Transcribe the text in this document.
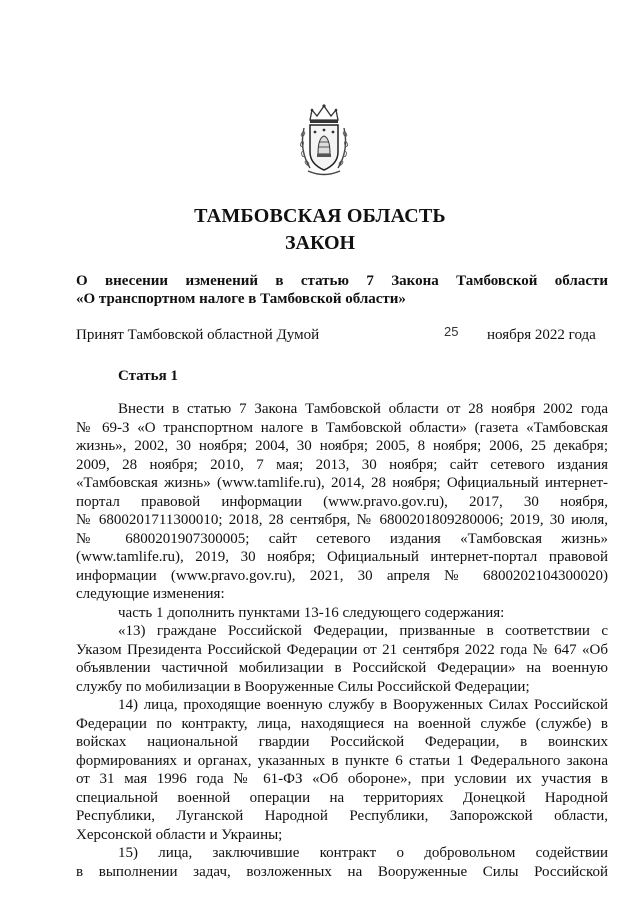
ТАМБОВСКАЯ ОБЛАСТЬ
ЗАКОН
О внесении изменений в статью 7 Закона Тамбовской области
«О транспортном налоге в Тамбовской области»
Принят Тамбовской областной Думой	25 ноября 2022 года
Статья 1
Внести в статью 7 Закона Тамбовской области от 28 ноября 2002 года
№ 69-З «О транспортном налоге в Тамбовской области» (газета «Тамбовская
жизнь», 2002, 30 ноября; 2004, 30 ноября; 2005, 8 ноября; 2006, 25 декабря;
2009, 28 ноября; 2010, 7 мая; 2013, 30 ноября; сайт сетевого издания
«Тамбовская жизнь» (www.tamlife.ru), 2014, 28 ноября; Официальный интернет-
портал правовой информации (www.pravo.gov.ru), 2017, 30 ноября,
№ 6800201711300010; 2018, 28 сентября, № 6800201809280006; 2019, 30 июля,
№ 6800201907300005; сайт сетевого издания «Тамбовская жизнь»
(www.tamlife.ru), 2019, 30 ноября; Официальный интернет-портал правовой
информации (www.pravo.gov.ru), 2021, 30 апреля № 6800202104300020)
следующие изменения:
часть 1 дополнить пунктами 13-16 следующего содержания:
«13) граждане Российской Федерации, призванные в соответствии с
Указом Президента Российской Федерации от 21 сентября 2022 года № 647 «Об
объявлении частичной мобилизации в Российской Федерации» на военную
службу по мобилизации в Вооруженные Силы Российской Федерации;
14) лица, проходящие военную службу в Вооруженных Силах Российской
Федерации по контракту, лица, находящиеся на военной службе (службе) в
войсках национальной гвардии Российской Федерации, в воинских
формированиях и органах, указанных в пункте 6 статьи 1 Федерального закона
от 31 мая 1996 года № 61-ФЗ «Об обороне», при условии их участия в
специальной военной операции на территориях Донецкой Народной
Республики, Луганской Народной Республики, Запорожской области,
Херсонской области и Украины;
15) лица, заключившие контракт о добровольном содействии
в выполнении задач, возложенных на Вооруженные Силы Российской
